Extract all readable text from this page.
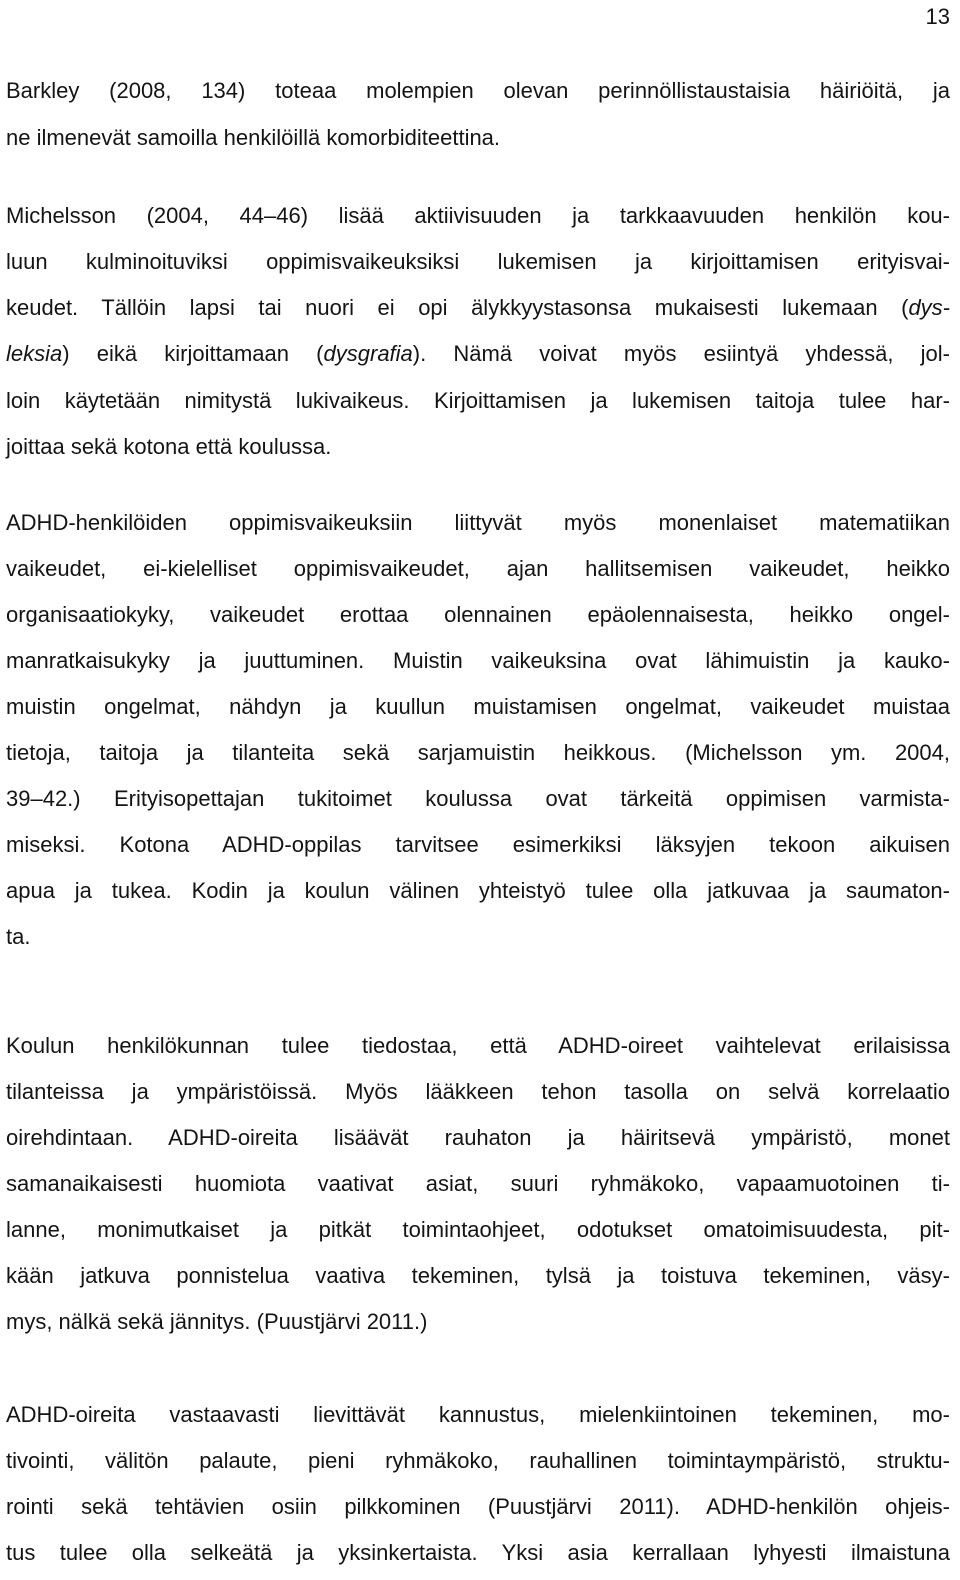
13
Barkley (2008, 134) toteaa molempien olevan perinnöllistaustaisia häiriöitä, ja
ne ilmenevät samoilla henkilöillä komorbiditeettina.
Michelsson (2004, 44–46) lisää aktiivisuuden ja tarkkaavuuden henkilön kou-
luun kulminoituviksi oppimisvaikeuksiksi lukemisen ja kirjoittamisen erityisvai-
keudet. Tällöin lapsi tai nuori ei opi älykkyystasonsa mukaisesti lukemaan (dys-
leksia) eikä kirjoittamaan (dysgrafia). Nämä voivat myös esiintyä yhdessä, jol-
loin käytetään nimitystä lukivaikeus. Kirjoittamisen ja lukemisen taitoja tulee har-
joittaa sekä kotona että koulussa.
ADHD-henkilöiden oppimisvaikeuksiin liittyvät myös monenlaiset matematiikan
vaikeudet, ei-kielelliset oppimisvaikeudet, ajan hallitsemisen vaikeudet, heikko
organisaatiokyky, vaikeudet erottaa olennainen epäolennaisesta, heikko ongel-
manratkaisukyky ja juuttuminen. Muistin vaikeuksina ovat lähimuistin ja kauko-
muistin ongelmat, nähdyn ja kuullun muistamisen ongelmat, vaikeudet muistaa
tietoja, taitoja ja tilanteita sekä sarjamuistin heikkous. (Michelsson ym. 2004,
39–42.) Erityisopettajan tukitoimet koulussa ovat tärkeitä oppimisen varmista-
miseksi. Kotona ADHD-oppilas tarvitsee esimerkiksi läksyjen tekoon aikuisen
apua ja tukea. Kodin ja koulun välinen yhteistyö tulee olla jatkuvaa ja saumaton-
ta.
Koulun henkilökunnan tulee tiedostaa, että ADHD-oireet vaihtelevat erilaisissa
tilanteissa ja ympäristöissä. Myös lääkkeen tehon tasolla on selvä korrelaatio
oirehdintaan. ADHD-oireita lisäävät rauhaton ja häiritsevä ympäristö, monet
samanaikaisesti huomiota vaativat asiat, suuri ryhmäkoko, vapaamuotoinen ti-
lanne, monimutkaiset ja pitkät toimintaohjeet, odotukset omatoimisuudesta, pit-
kään jatkuva ponnistelua vaativa tekeminen, tylsä ja toistuva tekeminen, väsy-
mys, nälkä sekä jännitys. (Puustjärvi 2011.)
ADHD-oireita vastaavasti lievittävät kannustus, mielenkiintoinen tekeminen, mo-
tivointi, välitön palaute, pieni ryhmäkoko, rauhallinen toimintaympäristö, struktu-
rointi sekä tehtävien osiin pilkkominen (Puustjärvi 2011). ADHD-henkilön ohjeis-
tus tulee olla selkeätä ja yksinkertaista. Yksi asia kerrallaan lyhyesti ilmaistuna
